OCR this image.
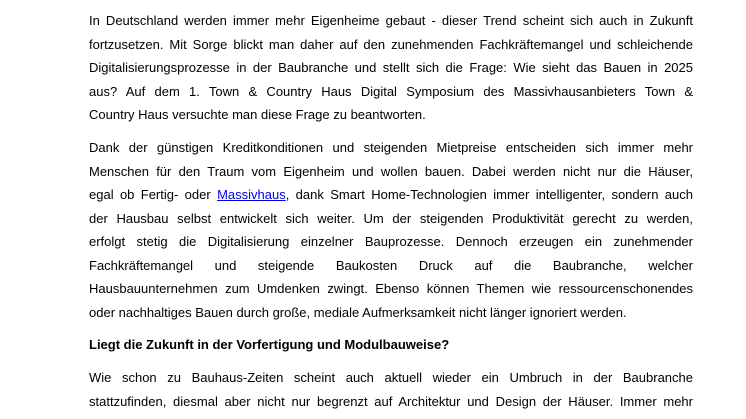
In Deutschland werden immer mehr Eigenheime gebaut - dieser Trend scheint sich auch in Zukunft
fortzusetzen. Mit Sorge blickt man daher auf den zunehmenden Fachkräftemangel und schleichende
Digitalisierungsprozesse in der Baubranche und stellt sich die Frage: Wie sieht das Bauen in 2025
aus? Auf dem 1. Town & Country Haus Digital Symposium des Massivhausanbieters Town &
Country Haus versuchte man diese Frage zu beantworten.
Dank der günstigen Kreditkonditionen und steigenden Mietpreise entscheiden sich immer mehr
Menschen für den Traum vom Eigenheim und wollen bauen. Dabei werden nicht nur die Häuser,
egal ob Fertig- oder Massivhaus, dank Smart Home-Technologien immer intelligenter, sondern auch
der Hausbau selbst entwickelt sich weiter. Um der steigenden Produktivität gerecht zu werden,
erfolgt stetig die Digitalisierung einzelner Bauprozesse. Dennoch erzeugen ein zunehmender
Fachkräftemangel und steigende Baukosten Druck auf die Baubranche, welcher
Hausbauunternehmen zum Umdenken zwingt. Ebenso können Themen wie ressourcenschonendes
oder nachhaltiges Bauen durch große, mediale Aufmerksamkeit nicht länger ignoriert werden.
Liegt die Zukunft in der Vorfertigung und Modulbauweise?
Wie schon zu Bauhaus-Zeiten scheint auch aktuell wieder ein Umbruch in der Baubranche
stattzufinden, diesmal aber nicht nur begrenzt auf Architektur und Design der Häuser. Immer mehr
